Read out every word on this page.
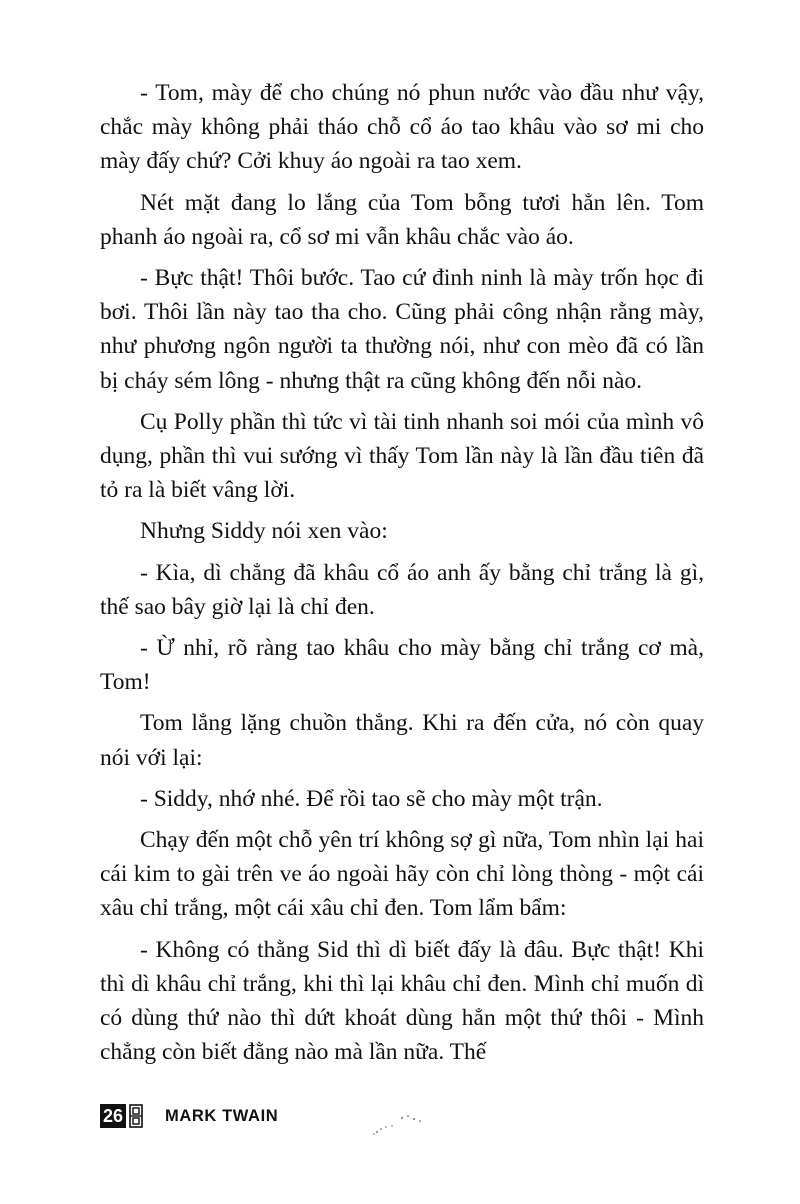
- Tom, mày để cho chúng nó phun nước vào đầu như vậy, chắc mày không phải tháo chỗ cổ áo tao khâu vào sơ mi cho mày đấy chứ? Cởi khuy áo ngoài ra tao xem.

Nét mặt đang lo lắng của Tom bỗng tươi hẳn lên. Tom phanh áo ngoài ra, cổ sơ mi vẫn khâu chắc vào áo.

- Bực thật! Thôi bước. Tao cứ đinh ninh là mày trốn học đi bơi. Thôi lần này tao tha cho. Cũng phải công nhận rằng mày, như phương ngôn người ta thường nói, như con mèo đã có lần bị cháy sém lông - nhưng thật ra cũng không đến nỗi nào.

Cụ Polly phần thì tức vì tài tinh nhanh soi mói của mình vô dụng, phần thì vui sướng vì thấy Tom lần này là lần đầu tiên đã tỏ ra là biết vâng lời.

Nhưng Siddy nói xen vào:

- Kìa, dì chẳng đã khâu cổ áo anh ấy bằng chỉ trắng là gì, thế sao bây giờ lại là chỉ đen.

- Ừ nhỉ, rõ ràng tao khâu cho mày bằng chỉ trắng cơ mà, Tom!

Tom lẳng lặng chuồn thẳng. Khi ra đến cửa, nó còn quay nói với lại:

- Siddy, nhớ nhé. Để rồi tao sẽ cho mày một trận.

Chạy đến một chỗ yên trí không sợ gì nữa, Tom nhìn lại hai cái kim to gài trên ve áo ngoài hãy còn chỉ lòng thòng - một cái xâu chỉ trắng, một cái xâu chỉ đen. Tom lẩm bẩm:

- Không có thằng Sid thì dì biết đấy là đâu. Bực thật! Khi thì dì khâu chỉ trắng, khi thì lại khâu chỉ đen. Mình chỉ muốn dì có dùng thứ nào thì dứt khoát dùng hẳn một thứ thôi - Mình chẳng còn biết đằng nào mà lần nữa. Thế

26	MARK TWAIN
